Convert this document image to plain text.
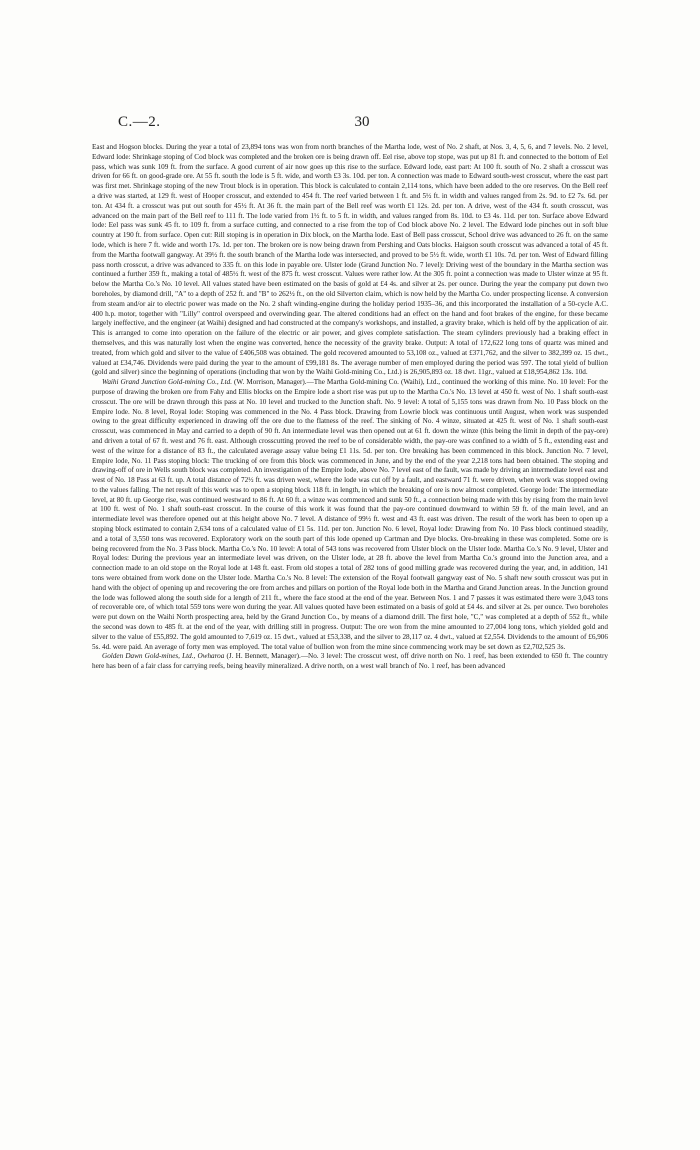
C.—2.	30

East and Hogson blocks. During the year a total of 23,894 tons was won from north branches of the Martha lode, west of No. 2 shaft, at Nos. 3, 4, 5, 6, and 7 levels. No. 2 level, Edward lode: Shrinkage stoping of Cod block was completed and the broken ore is being drawn off. Eel rise, above top stope, was put up 81 ft. and connected to the bottom of Eel pass, which was sunk 109 ft. from the surface. A good current of air now goes up this rise to the surface. Edward lode, east part: At 100 ft. south of No. 2 shaft a crosscut was driven for 66 ft. on good-grade ore. At 55 ft. south the lode is 5 ft. wide, and worth £3 3s. 10d. per ton. A connection was made to Edward south-west crosscut, where the east part was first met. Shrinkage stoping of the new Trout block is in operation. This block is calculated to contain 2,114 tons, which have been added to the ore reserves. On the Bell reef a drive was started, at 129 ft. west of Hooper crosscut, and extended to 454 ft. The reef varied between 1 ft. and 5½ ft. in width and values ranged from 2s. 9d. to £2 7s. 6d. per ton. At 434 ft. a crosscut was put out south for 45½ ft. At 36 ft. the main part of the Bell reef was worth £1 12s. 2d. per ton. A drive, west of the 434 ft. south crosscut, was advanced on the main part of the Bell reef to 111 ft. The lode varied from 1½ ft. to 5 ft. in width, and values ranged from 8s. 10d. to £3 4s. 11d. per ton. Surface above Edward lode: Eel pass was sunk 45 ft. to 109 ft. from a surface cutting, and connected to a rise from the top of Cod block above No. 2 level. The Edward lode pinches out in soft blue country at 190 ft. from surface. Open cut: Rill stoping is in operation in Dix block, on the Martha lode. East of Bell pass crosscut, School drive was advanced to 26 ft. on the same lode, which is here 7 ft. wide and worth 17s. 1d. per ton. The broken ore is now being drawn from Pershing and Oats blocks. Haigson south crosscut was advanced a total of 45 ft. from the Martha footwall gangway. At 39½ ft. the south branch of the Martha lode was intersected, and proved to be 5½ ft. wide, worth £1 10s. 7d. per ton. West of Edward filling pass north crosscut, a drive was advanced to 335 ft. on this lode in payable ore. Ulster lode (Grand Junction No. 7 level): Driving west of the boundary in the Martha section was continued a further 359 ft., making a total of 485½ ft. west of the 875 ft. west crosscut. Values were rather low. At the 305 ft. point a connection was made to Ulster winze at 95 ft. below the Martha Co.'s No. 10 level. All values stated have been estimated on the basis of gold at £4 4s. and silver at 2s. per ounce. During the year the company put down two boreholes, by diamond drill, "A" to a depth of 252 ft. and "B" to 262½ ft., on the old Silverton claim, which is now held by the Martha Co. under prospecting license. A conversion from steam and/or air to electric power was made on the No. 2 shaft winding-engine during the holiday period 1935–36, and this incorporated the installation of a 50-cycle A.C. 400 h.p. motor, together with "Lilly" control overspeed and overwinding gear. The altered conditions had an effect on the hand and foot brakes of the engine, for these became largely ineffective, and the engineer (at Waihi) designed and had constructed at the company's workshops, and installed, a gravity brake, which is held off by the application of air. This is arranged to come into operation on the failure of the electric or air power, and gives complete satisfaction. The steam cylinders previously had a braking effect in themselves, and this was naturally lost when the engine was converted, hence the necessity of the gravity brake. Output: A total of 172,622 long tons of quartz was mined and treated, from which gold and silver to the value of £406,508 was obtained. The gold recovered amounted to 53,108 oz., valued at £371,762, and the silver to 382,399 oz. 15 dwt., valued at £34,746. Dividends were paid during the year to the amount of £99,181 8s. The average number of men employed during the period was 597. The total yield of bullion (gold and silver) since the beginning of operations (including that won by the Waihi Gold-mining Co., Ltd.) is 26,905,893 oz. 18 dwt. 11gr., valued at £18,954,862 13s. 10d.

Waihi Grand Junction Gold-mining Co., Ltd. (W. Morrison, Manager).—The Martha Gold-mining Co. (Waihi), Ltd., continued the working of this mine. No. 10 level: For the purpose of drawing the broken ore from Fahy and Ellis blocks on the Empire lode a short rise was put up to the Martha Co.'s No. 13 level at 450 ft. west of No. 1 shaft south-east crosscut. The ore will be drawn through this pass at No. 10 level and trucked to the Junction shaft. No. 9 level: A total of 5,155 tons was drawn from No. 10 Pass block on the Empire lode. No. 8 level, Royal lode: Stoping was commenced in the No. 4 Pass block. Drawing from Lowrie block was continuous until August, when work was suspended owing to the great difficulty experienced in drawing off the ore due to the flatness of the reef. The sinking of No. 4 winze, situated at 425 ft. west of No. 1 shaft south-east crosscut, was commenced in May and carried to a depth of 90 ft. An intermediate level was then opened out at 61 ft. down the winze (this being the limit in depth of the pay-ore) and driven a total of 67 ft. west and 76 ft. east. Although crosscutting proved the reef to be of considerable width, the pay-ore was confined to a width of 5 ft., extending east and west of the winze for a distance of 83 ft., the calculated average assay value being £1 11s. 5d. per ton. Ore breaking has been commenced in this block. Junction No. 7 level, Empire lode, No. 11 Pass stoping block: The trucking of ore from this block was commenced in June, and by the end of the year 2,218 tons had been obtained. The stoping and drawing-off of ore in Wells south block was completed. An investigation of the Empire lode, above No. 7 level east of the fault, was made by driving an intermediate level east and west of No. 18 Pass at 63 ft. up. A total distance of 72½ ft. was driven west, where the lode was cut off by a fault, and eastward 71 ft. were driven, when work was stopped owing to the values falling. The net result of this work was to open a stoping block 118 ft. in length, in which the breaking of ore is now almost completed. George lode: The intermediate level, at 80 ft. up George rise, was continued westward to 86 ft. At 60 ft. a winze was commenced and sunk 50 ft., a connection being made with this by rising from the main level at 100 ft. west of No. 1 shaft south-east crosscut. In the course of this work it was found that the pay-ore continued downward to within 59 ft. of the main level, and an intermediate level was therefore opened out at this height above No. 7 level. A distance of 99½ ft. west and 43 ft. east was driven. The result of the work has been to open up a stoping block estimated to contain 2,634 tons of a calculated value of £1 5s. 11d. per ton. Junction No. 6 level, Royal lode: Drawing from No. 10 Pass block continued steadily, and a total of 3,550 tons was recovered. Exploratory work on the south part of this lode opened up Cartman and Dye blocks. Ore-breaking in these was completed. Some ore is being recovered from the No. 3 Pass block. Martha Co.'s No. 10 level: A total of 543 tons was recovered from Ulster block on the Ulster lode. Martha Co.'s No. 9 level, Ulster and Royal lodes: During the previous year an intermediate level was driven, on the Ulster lode, at 28 ft. above the level from Martha Co.'s ground into the Junction area, and a connection made to an old stope on the Royal lode at 148 ft. east. From old stopes a total of 282 tons of good milling grade was recovered during the year, and, in addition, 141 tons were obtained from work done on the Ulster lode. Martha Co.'s No. 8 level: The extension of the Royal footwall gangway east of No. 5 shaft new south crosscut was put in hand with the object of opening up and recovering the ore from arches and pillars on portion of the Royal lode both in the Martha and Grand Junction areas. In the Junction ground the lode was followed along the south side for a length of 211 ft., where the face stood at the end of the year. Between Nos. 1 and 7 passes it was estimated there were 3,043 tons of recoverable ore, of which total 559 tons were won during the year. All values quoted have been estimated on a basis of gold at £4 4s. and silver at 2s. per ounce. Two boreholes were put down on the Waihi North prospecting area, held by the Grand Junction Co., by means of a diamond drill. The first hole, "C," was completed at a depth of 552 ft., while the second was down to 485 ft. at the end of the year, with drilling still in progress. Output: The ore won from the mine amounted to 27,004 long tons, which yielded gold and silver to the value of £55,892. The gold amounted to 7,619 oz. 15 dwt., valued at £53,338, and the silver to 28,117 oz. 4 dwt., valued at £2,554. Dividends to the amount of £6,906 5s. 4d. were paid. An average of forty men was employed. The total value of bullion won from the mine since commencing work may be set down as £2,702,525 3s.

Golden Dawn Gold-mines, Ltd., Owharoa (J. H. Bennett, Manager).—No. 3 level: The crosscut west, off drive north on No. 1 reef, has been extended to 650 ft. The country here has been of a fair class for carrying reefs, being heavily mineralized. A drive north, on a west wall branch of No. 1 reef, has been advanced
